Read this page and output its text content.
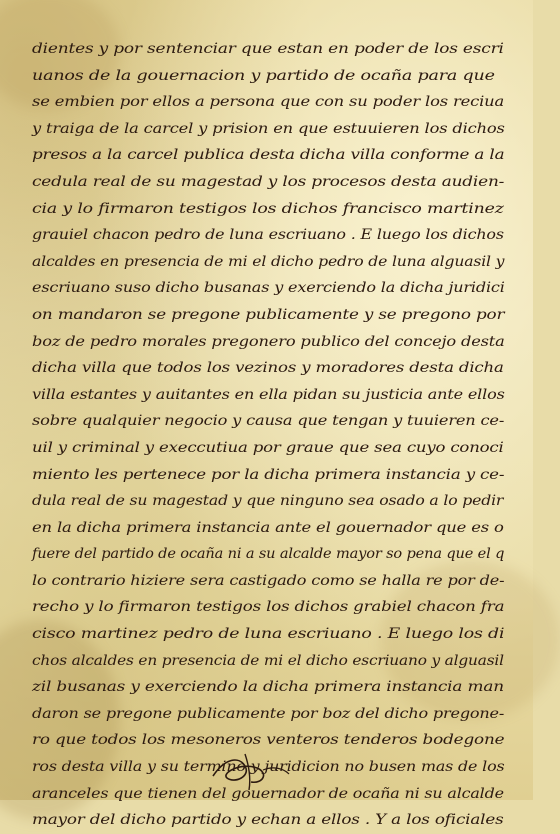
dientes y por sentenciar que estan en poder de los escri
uanos de la gouernacion y partido de ocaña para que
se embien por ellos a persona que con su poder los reciua
y traiga de la carcel y prision en que estuuieren los dichos
presos a la carcel publica desta dicha villa conforme a la
cedula real de su magestad y los procesos desta audien-
cia y lo firmaron testigos los dichos francisco martinez
grauiel chacon pedro de luna escriuano . E luego los dichos
alcaldes en presencia de mi el dicho pedro de luna alguasil y
escriuano suso dicho busanas y exerciendo la dicha juridici
on mandaron se pregone publicamente y se pregono por
boz de pedro morales pregonero publico del concejo desta
dicha villa que todos los vezinos y moradores desta dicha
villa estantes y auitantes en ella pidan su justicia ante ellos
sobre qualquier negocio y causa que tengan y tuuieren ce-
uil y criminal y execcutiua por graue que sea cuyo conoci
miento les pertenece por la dicha primera instancia y ce-
dula real de su magestad y que ninguno sea osado a lo pedir
en la dicha primera instancia ante el gouernador que es o
fuere del partido de ocaña ni a su alcalde mayor so pena que el q
lo contrario hiziere sera castigado como se halla re por de-
recho y lo firmaron testigos los dichos grabiel chacon fra
cisco martinez pedro de luna escriuano . E luego los di
chos alcaldes en presencia de mi el dicho escriuano y alguasil
zil busanas y exerciendo la dicha primera instancia man
daron se pregone publicamente por boz del dicho pregone-
ro que todos los mesoneros venteros tenderos bodegone
ros desta villa y su termino y juridicion no busen mas de los
aranceles que tienen del gouernador de ocaña ni su alcalde
mayor del dicho partido y echan a ellos . Y a los oficiales
